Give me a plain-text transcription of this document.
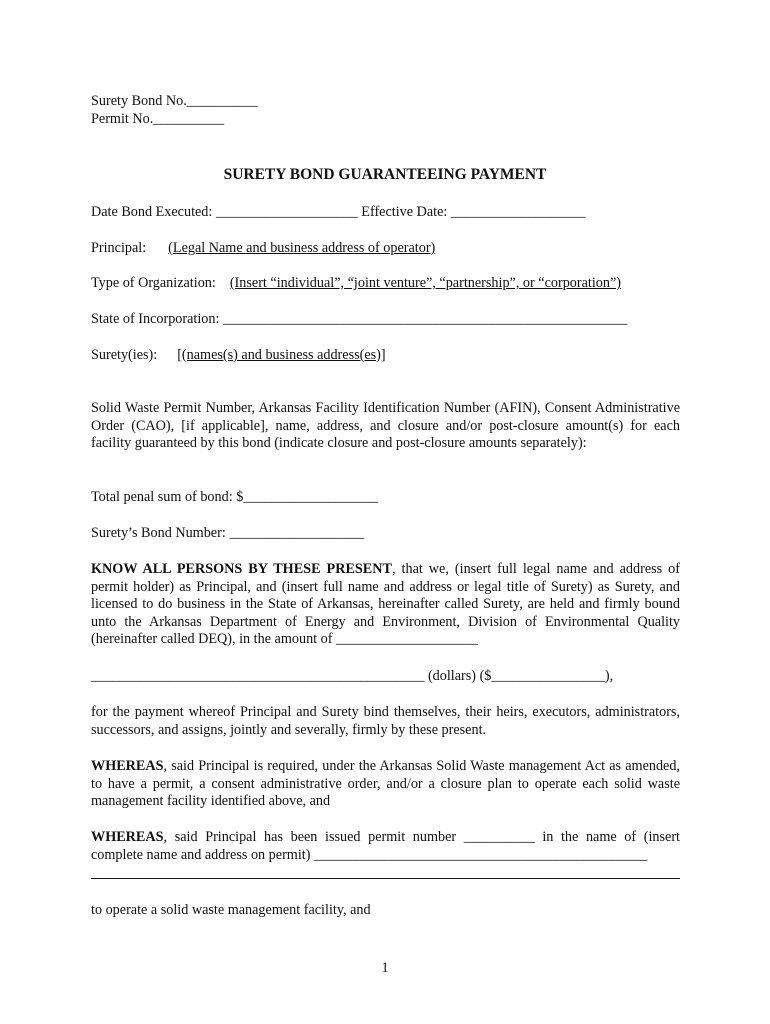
Surety Bond No.__________

Permit No.__________

SURETY BOND GUARANTEEING PAYMENT

Date Bond Executed: ____________________ Effective Date: ___________________

Principal: (Legal Name and business address of operator)

Type of Organization: (Insert “individual”, “joint venture”, “partnership”, or “corporation”)

State of Incorporation: _________________________________________________________

Surety(ies): [(names(s) and business address(es)]

Solid Waste Permit Number, Arkansas Facility Identification Number (AFIN), Consent Administrative Order (CAO), [if applicable], name, address, and closure and/or post-closure amount(s) for each facility guaranteed by this bond (indicate closure and post-closure amounts separately):

Total penal sum of bond: $___________________

Surety’s Bond Number: ___________________

KNOW ALL PERSONS BY THESE PRESENT, that we, (insert full legal name and address of permit holder) as Principal, and (insert full name and address or legal title of Surety) as Surety, and licensed to do business in the State of Arkansas, hereinafter called Surety, are held and firmly bound unto the Arkansas Department of Energy and Environment, Division of Environmental Quality (hereinafter called DEQ), in the amount of ____________________

_______________________________________________ (dollars) ($________________),

for the payment whereof Principal and Surety bind themselves, their heirs, executors, administrators, successors, and assigns, jointly and severally, firmly by these present.

WHEREAS, said Principal is required, under the Arkansas Solid Waste management Act as amended, to have a permit, a consent administrative order, and/or a closure plan to operate each solid waste management facility identified above, and

WHEREAS, said Principal has been issued permit number __________ in the name of (insert complete name and address on permit) _______________________________________________

to operate a solid waste management facility, and

1
